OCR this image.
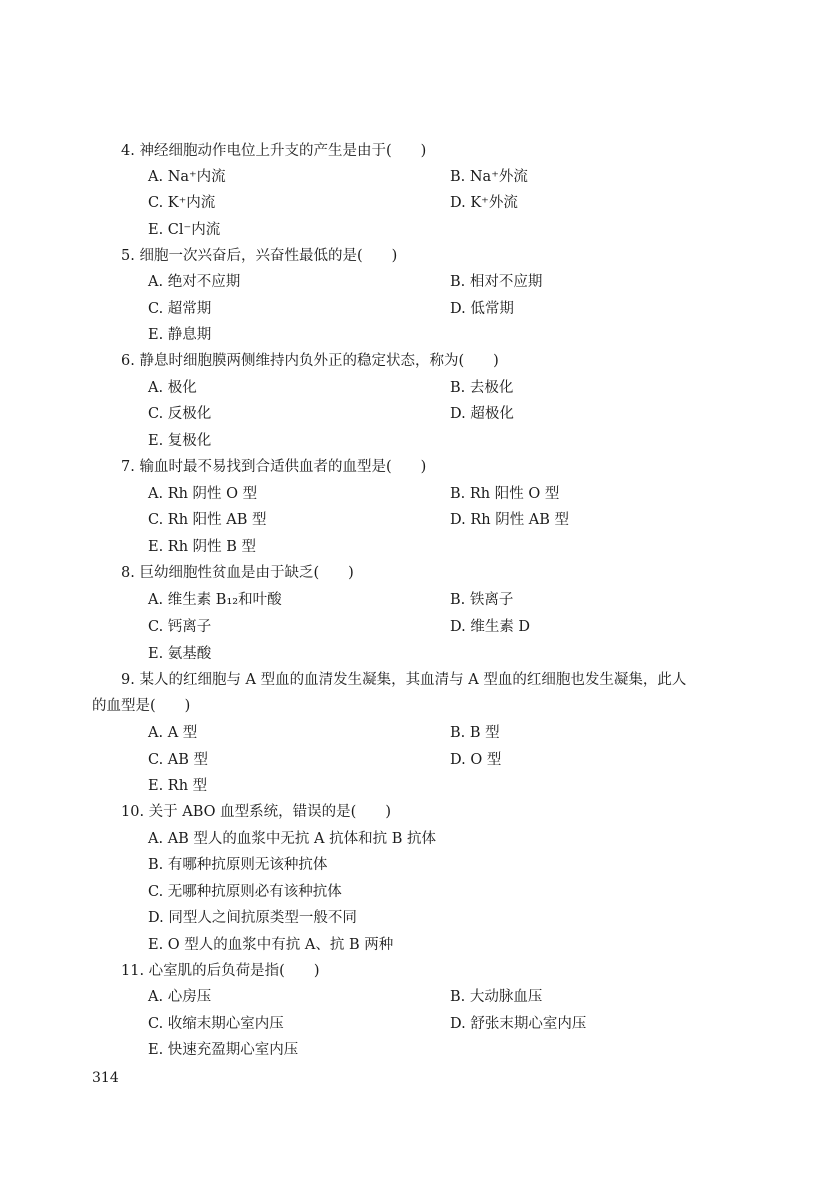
4. 神经细胞动作电位上升支的产生是由于(　　)
A. Na⁺内流	B. Na⁺外流
C. K⁺内流	D. K⁺外流
E. Cl⁻内流
5. 细胞一次兴奋后，兴奋性最低的是(　　)
A. 绝对不应期	B. 相对不应期
C. 超常期	D. 低常期
E. 静息期
6. 静息时细胞膜两侧维持内负外正的稳定状态，称为(　　)
A. 极化	B. 去极化
C. 反极化	D. 超极化
E. 复极化
7. 输血时最不易找到合适供血者的血型是(　　)
A. Rh 阴性 O 型	B. Rh 阳性 O 型
C. Rh 阳性 AB 型	D. Rh 阴性 AB 型
E. Rh 阴性 B 型
8. 巨幼细胞性贫血是由于缺乏(　　)
A. 维生素 B₁₂和叶酸	B. 铁离子
C. 钙离子	D. 维生素 D
E. 氨基酸
9. 某人的红细胞与 A 型血的血清发生凝集，其血清与 A 型血的红细胞也发生凝集，此人
的血型是(　　)
A. A 型	B. B 型
C. AB 型	D. O 型
E. Rh 型
10. 关于 ABO 血型系统，错误的是(　　)
A. AB 型人的血浆中无抗 A 抗体和抗 B 抗体
B. 有哪种抗原则无该种抗体
C. 无哪种抗原则必有该种抗体
D. 同型人之间抗原类型一般不同
E. O 型人的血浆中有抗 A、抗 B 两种
11. 心室肌的后负荷是指(　　)
A. 心房压	B. 大动脉血压
C. 收缩末期心室内压	D. 舒张末期心室内压
E. 快速充盈期心室内压
314
